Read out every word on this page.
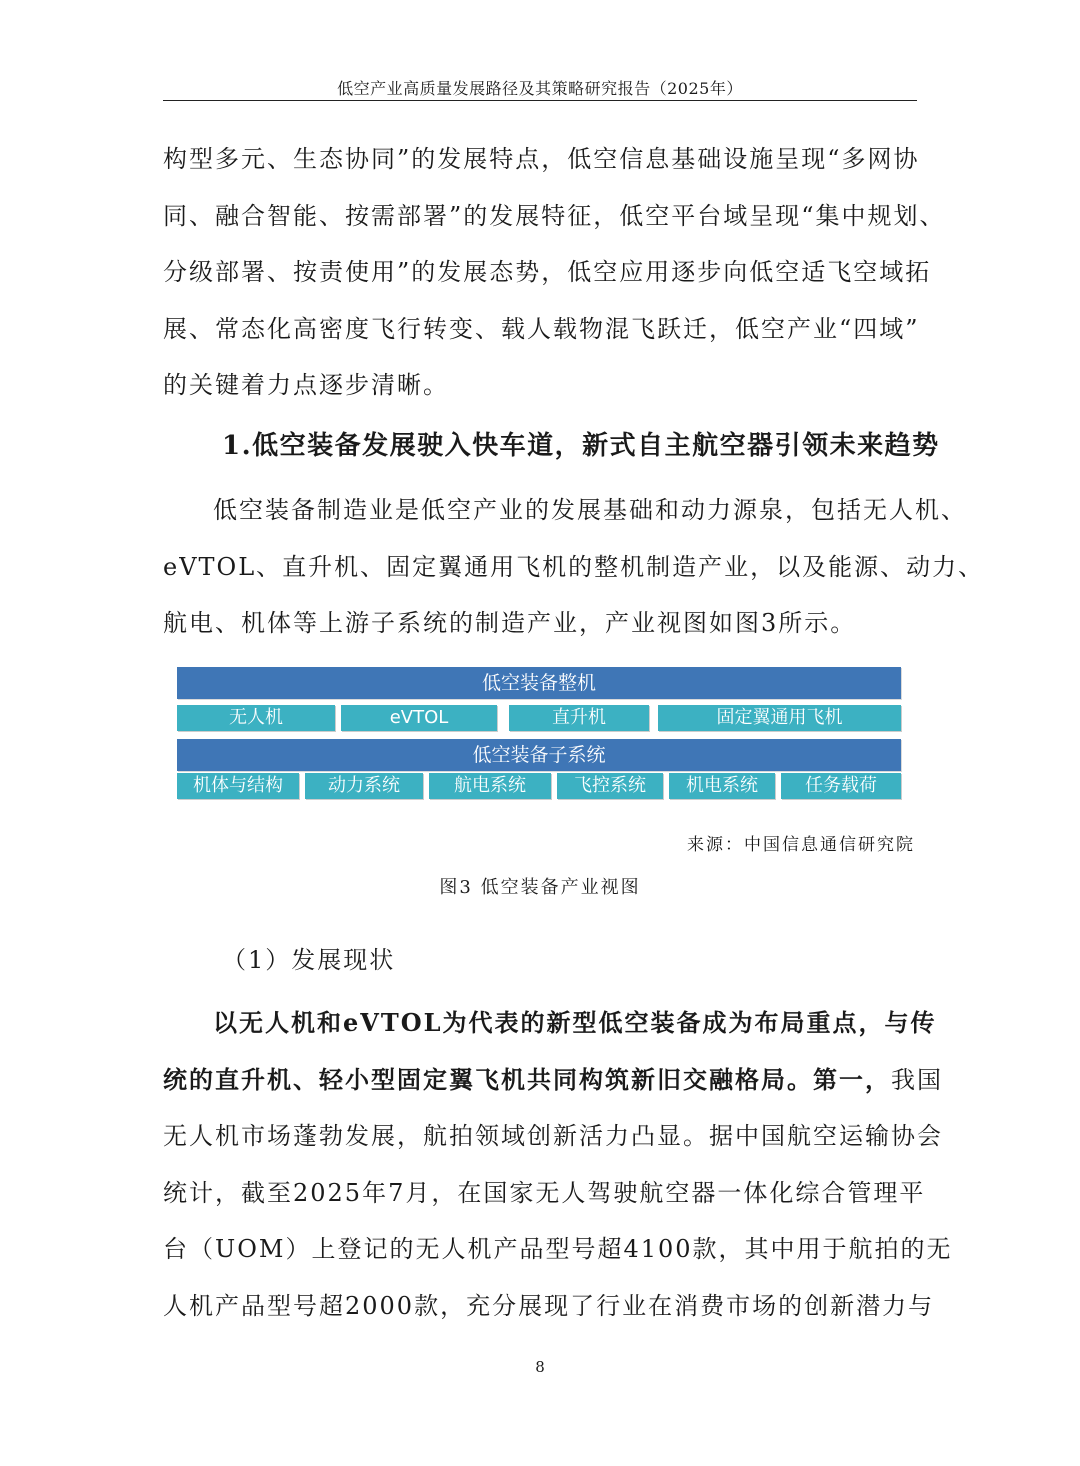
低空产业高质量发展路径及其策略研究报告（2025年）
构型多元、生态协同”的发展特点，低空信息基础设施呈现“多网协
同、融合智能、按需部署”的发展特征，低空平台域呈现“集中规划、
分级部署、按责使用”的发展态势，低空应用逐步向低空适飞空域拓
展、常态化高密度飞行转变、载人载物混飞跃迁，低空产业“四域”
的关键着力点逐步清晰。
1.低空装备发展驶入快车道，新式自主航空器引领未来趋势
低空装备制造业是低空产业的发展基础和动力源泉，包括无人机、
eVTOL、直升机、固定翼通用飞机的整机制造产业，以及能源、动力、
航电、机体等上游子系统的制造产业，产业视图如图3所示。
低空装备整机
无人机	eVTOL	直升机	固定翼通用飞机
低空装备子系统
机体与结构	动力系统	航电系统	飞控系统	机电系统	任务载荷
来源：中国信息通信研究院
图3 低空装备产业视图
（1）发展现状
以无人机和eVTOL为代表的新型低空装备成为布局重点，与传
统的直升机、轻小型固定翼飞机共同构筑新旧交融格局。第一，我国
无人机市场蓬勃发展，航拍领域创新活力凸显。据中国航空运输协会
统计，截至2025年7月，在国家无人驾驶航空器一体化综合管理平
台（UOM）上登记的无人机产品型号超4100款，其中用于航拍的无
人机产品型号超2000款，充分展现了行业在消费市场的创新潜力与
8
